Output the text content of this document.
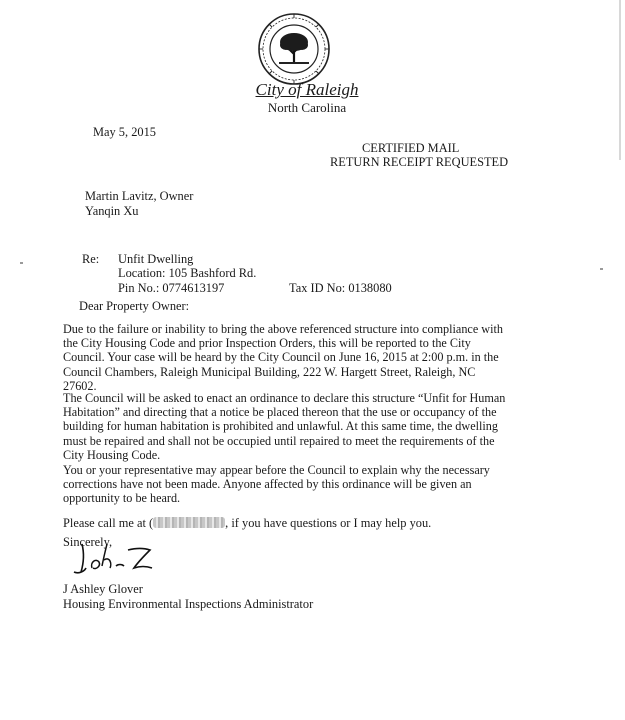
City of Raleigh
North Carolina
May 5, 2015
CERTIFIED MAIL
RETURN RECEIPT REQUESTED
Martin Lavitz, Owner
Yanqin Xu
Re: Unfit Dwelling
Location: 105 Bashford Rd.
Pin No.: 0774613197	Tax ID No: 0138080
Dear Property Owner:
Due to the failure or inability to bring the above referenced structure into compliance with the City Housing Code and prior Inspection Orders, this will be reported to the City Council. Your case will be heard by the City Council on June 16, 2015 at 2:00 p.m. in the Council Chambers, Raleigh Municipal Building, 222 W. Hargett Street, Raleigh, NC 27602.
The Council will be asked to enact an ordinance to declare this structure “Unfit for Human Habitation” and directing that a notice be placed thereon that the use or occupancy of the building for human habitation is prohibited and unlawful. At this same time, the dwelling must be repaired and shall not be occupied until repaired to meet the requirements of the City Housing Code.
You or your representative may appear before the Council to explain why the necessary corrections have not been made. Anyone affected by this ordinance will be given an opportunity to be heard.
Please call me at (	, if you have questions or I may help you.
Sincerely,
J Ashley Glover
Housing Environmental Inspections Administrator
